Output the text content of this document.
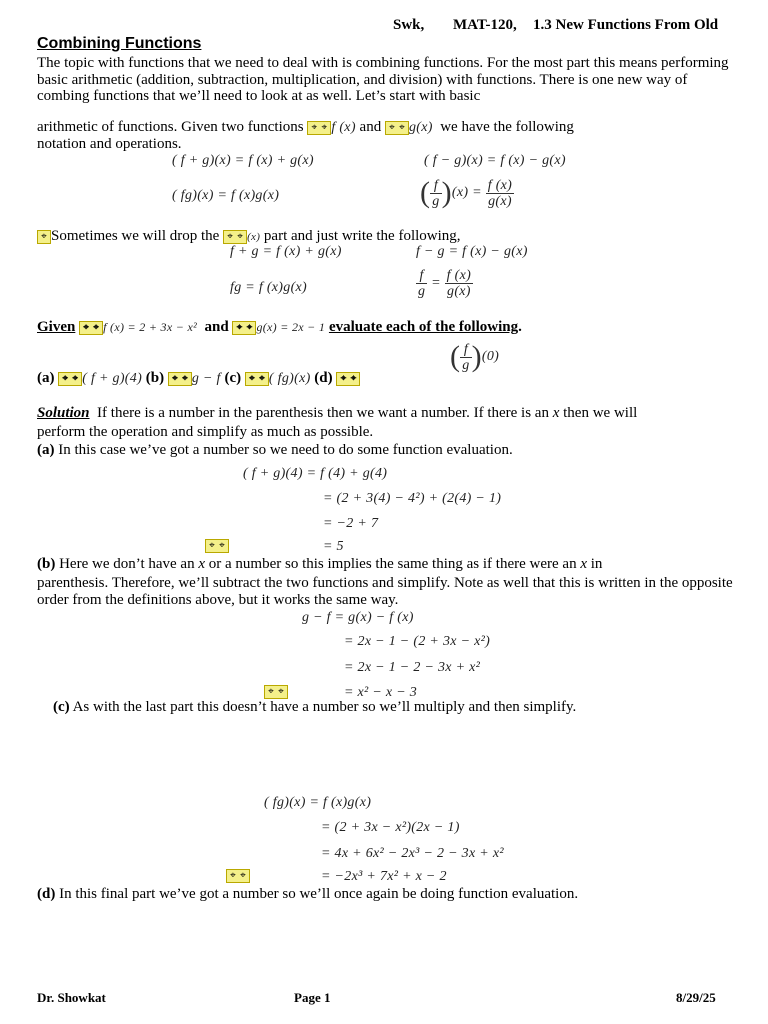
Swk, MAT-120, 1.3 New Functions From Old
Combining Functions
The topic with functions that we need to deal with is combining functions. For the most part this means performing basic arithmetic (addition, subtraction, multiplication, and division) with functions. There is one new way of combing functions that we’ll need to look at as well. Let’s start with basic
arithmetic of functions. Given two functions ⌖ ⌖ f (x) and ⌖ ⌖ g(x) we have the following
notation and operations.
( f + g)(x) = f (x) + g(x)	( f − g)(x) = f (x) − g(x)
( fg)(x) = f (x)g(x)	( $\frac{f}{g} )(x) = \frac{f (x)}{g(x)}$
⌖ Sometimes we will drop the ⌖ ⌖ (x) part and just write the following,
f + g = f (x) + g(x)	f − g = f (x) − g(x)
fg = f (x)g(x)	$\frac{f}{g} = \frac{f (x)}{g(x)}$
Given ⌖ ⌖ f (x) = 2 + 3x − x² and ⌖ ⌖ g(x) = 2x − 1 evaluate each of the following.
(a) ⌖ ⌖ ( f + g)(4) (b) ⌖ ⌖ g − f (c) ⌖ ⌖ ( fg)(x) (d) ⌖ ⌖
( $\frac{f}{g} )(0)$
Solution If there is a number in the parenthesis then we want a number. If there is an x then we will
perform the operation and simplify as much as possible.
(a) In this case we’ve got a number so we need to do some function evaluation.
( f + g)(4) = f (4) + g(4)
= (2 + 3(4) − 4²) + (2(4) − 1)
= −2 + 7
⌖ ⌖	= 5
(b) Here we don’t have an x or a number so this implies the same thing as if there were an x in
parenthesis. Therefore, we’ll subtract the two functions and simplify. Note as well that this is written in the opposite order from the definitions above, but it works the same way.
g − f = g(x) − f (x)
= 2x − 1 − (2 + 3x − x²)
= 2x − 1 − 2 − 3x + x²
⌖ ⌖	= x² − x − 3
(c) As with the last part this doesn’t have a number so we’ll multiply and then simplify.
( fg)(x) = f (x)g(x)
= (2 + 3x − x²)(2x − 1)
= 4x + 6x² − 2x³ − 2 − 3x + x²
⌖ ⌖	= −2x³ + 7x² + x − 2
(d) In this final part we’ve got a number so we’ll once again be doing function evaluation.
Dr. Showkat	Page 1	8/29/25
